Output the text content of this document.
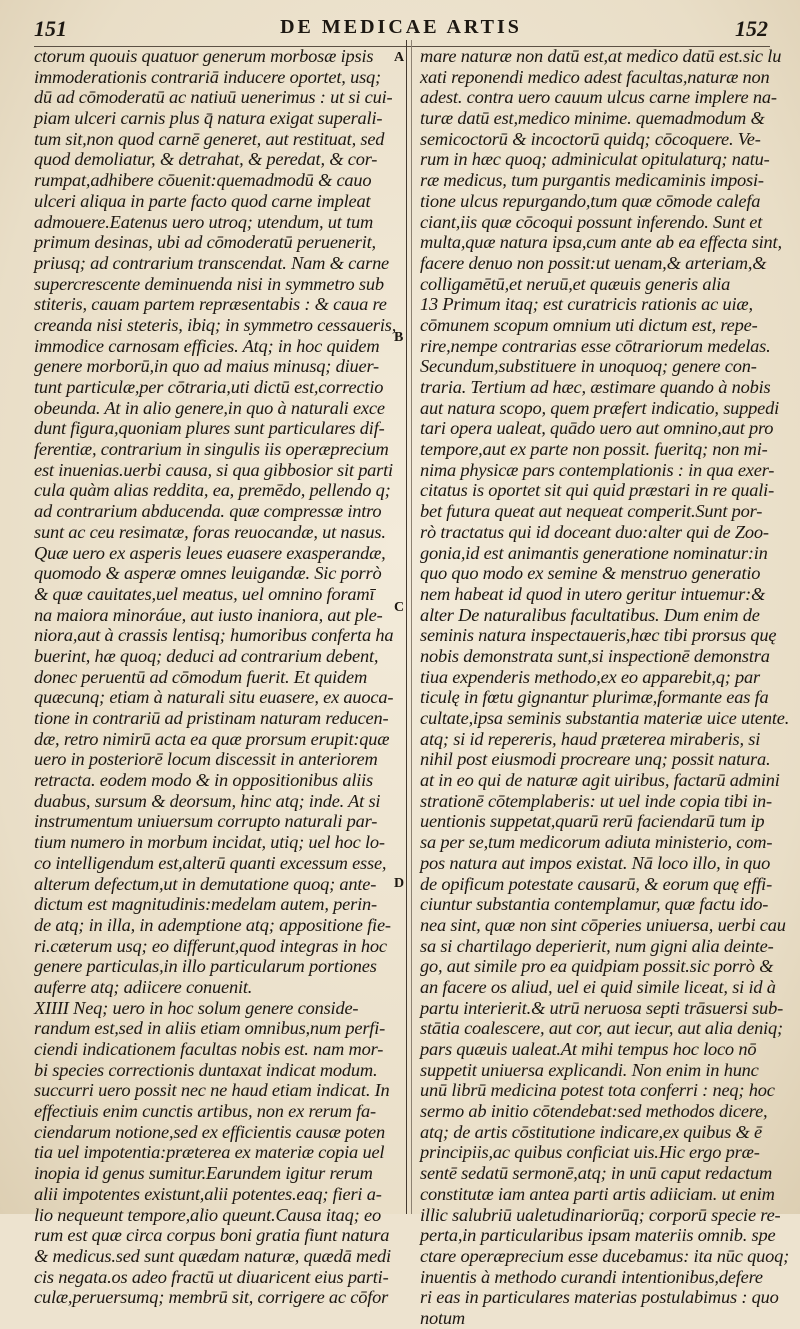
151	DE MEDICAE ARTIS	152
A
B
C
D
ctorum quouis quatuor generum morbosæ ipsis
immoderationis contrariā inducere oportet, usq;
dū ad cōmoderatū ac natiuū uenerimus : ut si cui-
piam ulceri carnis plus q̄ natura exigat superali-
tum sit,non quod carnē generet, aut restituat, sed
quod demoliatur, & detrahat, & peredat, & cor-
rumpat,adhibere cōuenit:quemadmodū & cauo
ulceri aliqua in parte facto quod carne impleat
admouere.Eatenus uero utroq; utendum, ut tum
primum desinas, ubi ad cōmoderatū peruenerit,
priusq; ad contrarium transcendat. Nam & carne
supercrescente deminuenda nisi in symmetro sub
stiteris, cauam partem repræsentabis : & caua re
creanda nisi steteris, ibiq; in symmetro cessaueris,
immodice carnosam efficies. Atq; in hoc quidem
genere morborū,in quo ad maius minusq; diuer-
tunt particulæ,per cōtraria,uti dictū est,correctio
obeunda. At in alio genere,in quo à naturali exce
dunt figura,quoniam plures sunt particulares dif-
ferentiæ, contrarium in singulis iis operæprecium
est inuenias.uerbi causa, si qua gibbosior sit parti
cula quàm alias reddita, ea, premēdo, pellendo q;
ad contrarium abducenda. quæ compressæ intro
sunt ac ceu resimatæ, foras reuocandæ, ut nasus.
Quæ uero ex asperis leues euasere exasperandæ,
quomodo & asperæ omnes leuigandæ. Sic porrò
& quæ cauitates,uel meatus, uel omnino foramī
na maiora minoráue, aut iusto inaniora, aut ple-
niora,aut à crassis lentisq; humoribus conferta ha
buerint, hæ quoq; deduci ad contrarium debent,
donec peruentū ad cōmodum fuerit. Et quidem
quæcunq; etiam à naturali situ euasere, ex auoca-
tione in contrariū ad pristinam naturam reducen-
dæ, retro nimirū acta ea quæ prorsum erupit:quæ
uero in posteriorē locum discessit in anteriorem
retracta. eodem modo & in oppositionibus aliis
duabus, sursum & deorsum, hinc atq; inde. At si
instrumentum uniuersum corrupto naturali par-
tium numero in morbum incidat, utiq; uel hoc lo-
co intelligendum est,alterū quanti excessum esse,
alterum defectum,ut in demutatione quoq; ante-
dictum est magnitudinis:medelam autem, perin-
de atq; in illa, in ademptione atq; appositione fie-
ri.cæterum usq; eo differunt,quod integras in hoc
genere particulas,in illo particularum portiones
auferre atq; adiicere conuenit.
XIIII Neq; uero in hoc solum genere conside-
randum est,sed in aliis etiam omnibus,num perfi-
ciendi indicationem facultas nobis est. nam mor-
bi species correctionis duntaxat indicat modum.
succurri uero possit nec ne haud etiam indicat. In
effectiuis enim cunctis artibus, non ex rerum fa-
ciendarum notione,sed ex efficientis causæ poten
tia uel impotentia:præterea ex materiæ copia uel
inopia id genus sumitur.Earundem igitur rerum
alii impotentes existunt,alii potentes.eaq; fieri a-
lio nequeunt tempore,alio queunt.Causa itaq; eo
rum est quæ circa corpus boni gratia fiunt natura
& medicus.sed sunt quædam naturæ, quædā medi
cis negata.os adeo fractū ut diuaricent eius parti-
culæ,peruersumq; membrū sit, corrigere ac cōfor
mare naturæ non datū est,at medico datū est.sic lu
xati reponendi medico adest facultas,naturæ non
adest. contra uero cauum ulcus carne implere na-
turæ datū est,medico minime. quemadmodum &
semicoctorū & incoctorū quidq; cōcoquere. Ve-
rum in hæc quoq; adminiculat opitulaturq; natu-
ræ medicus, tum purgantis medicaminis imposi-
tione ulcus repurgando,tum quæ cōmode calefa
ciant,iis quæ cōcoqui possunt inferendo. Sunt et
multa,quæ natura ipsa,cum ante ab ea effecta sint,
facere denuo non possit:ut uenam,& arteriam,&
colligamētū,et neruū,et quæuis generis alia
13 Primum itaq; est curatricis rationis ac uiæ,
cōmunem scopum omnium uti dictum est, repe-
rire,nempe contrarias esse cōtrariorum medelas.
Secundum,substituere in unoquoq; genere con-
traria. Tertium ad hæc, æstimare quando à nobis
aut natura scopo, quem præfert indicatio, suppedi
tari opera ualeat, quādo uero aut omnino,aut pro
tempore,aut ex parte non possit. fueritq; non mi-
nima physicæ pars contemplationis : in qua exer-
citatus is oportet sit qui quid præstari in re quali-
bet futura queat aut nequeat comperit.Sunt por-
rò tractatus qui id doceant duo:alter qui de Zoo-
gonia,id est animantis generatione nominatur:in
quo quo modo ex semine & menstruo generatio
nem habeat id quod in utero geritur intuemur:&
alter De naturalibus facultatibus. Dum enim de
seminis natura inspectaueris,hæc tibi prorsus quę
nobis demonstrata sunt,si inspectionē demonstra
tiua expenderis methodo,ex eo apparebit,q; par
ticulę in fœtu gignantur plurimæ,formante eas fa
cultate,ipsa seminis substantia materiæ uice utente.
atq; si id repereris, haud præterea miraberis, si
nihil post eiusmodi procreare unq; possit natura.
at in eo qui de naturæ agit uiribus, factarū admini
strationē cōtemplaberis: ut uel inde copia tibi in-
uentionis suppetat,quarū rerū faciendarū tum ip
sa per se,tum medicorum adiuta ministerio, com-
pos natura aut impos existat. Nā loco illo, in quo
de opificum potestate causarū, & eorum quę effi-
ciuntur substantia contemplamur, quæ factu ido-
nea sint, quæ non sint cōperies uniuersa, uerbi cau
sa si chartilago deperierit, num gigni alia deinte-
go, aut simile pro ea quidpiam possit.sic porrò &
an facere os aliud, uel ei quid simile liceat, si id à
partu interierit.& utrū neruosa septi trāsuersi sub-
stātia coalescere, aut cor, aut iecur, aut alia deniq;
pars quæuis ualeat.At mihi tempus hoc loco nō
suppetit uniuersa explicandi. Non enim in hunc
unū librū medicina potest tota conferri : neq; hoc
sermo ab initio cōtendebat:sed methodos dicere,
atq; de artis cōstitutione indicare,ex quibus & ē
principiis,ac quibus conficiat uis.Hic ergo præ-
sentē sedatū sermonē,atq; in unū caput redactum
constitutæ iam antea parti artis adiiciam. ut enim
illic salubriū ualetudinariorūq; corporū specie re-
perta,in particularibus ipsam materiis omnib. spe
ctare operæprecium esse ducebamus: ita nūc quoq;
inuentis à methodo curandi intentionibus,defere
ri eas in particulares materias postulabimus : quo
notum
